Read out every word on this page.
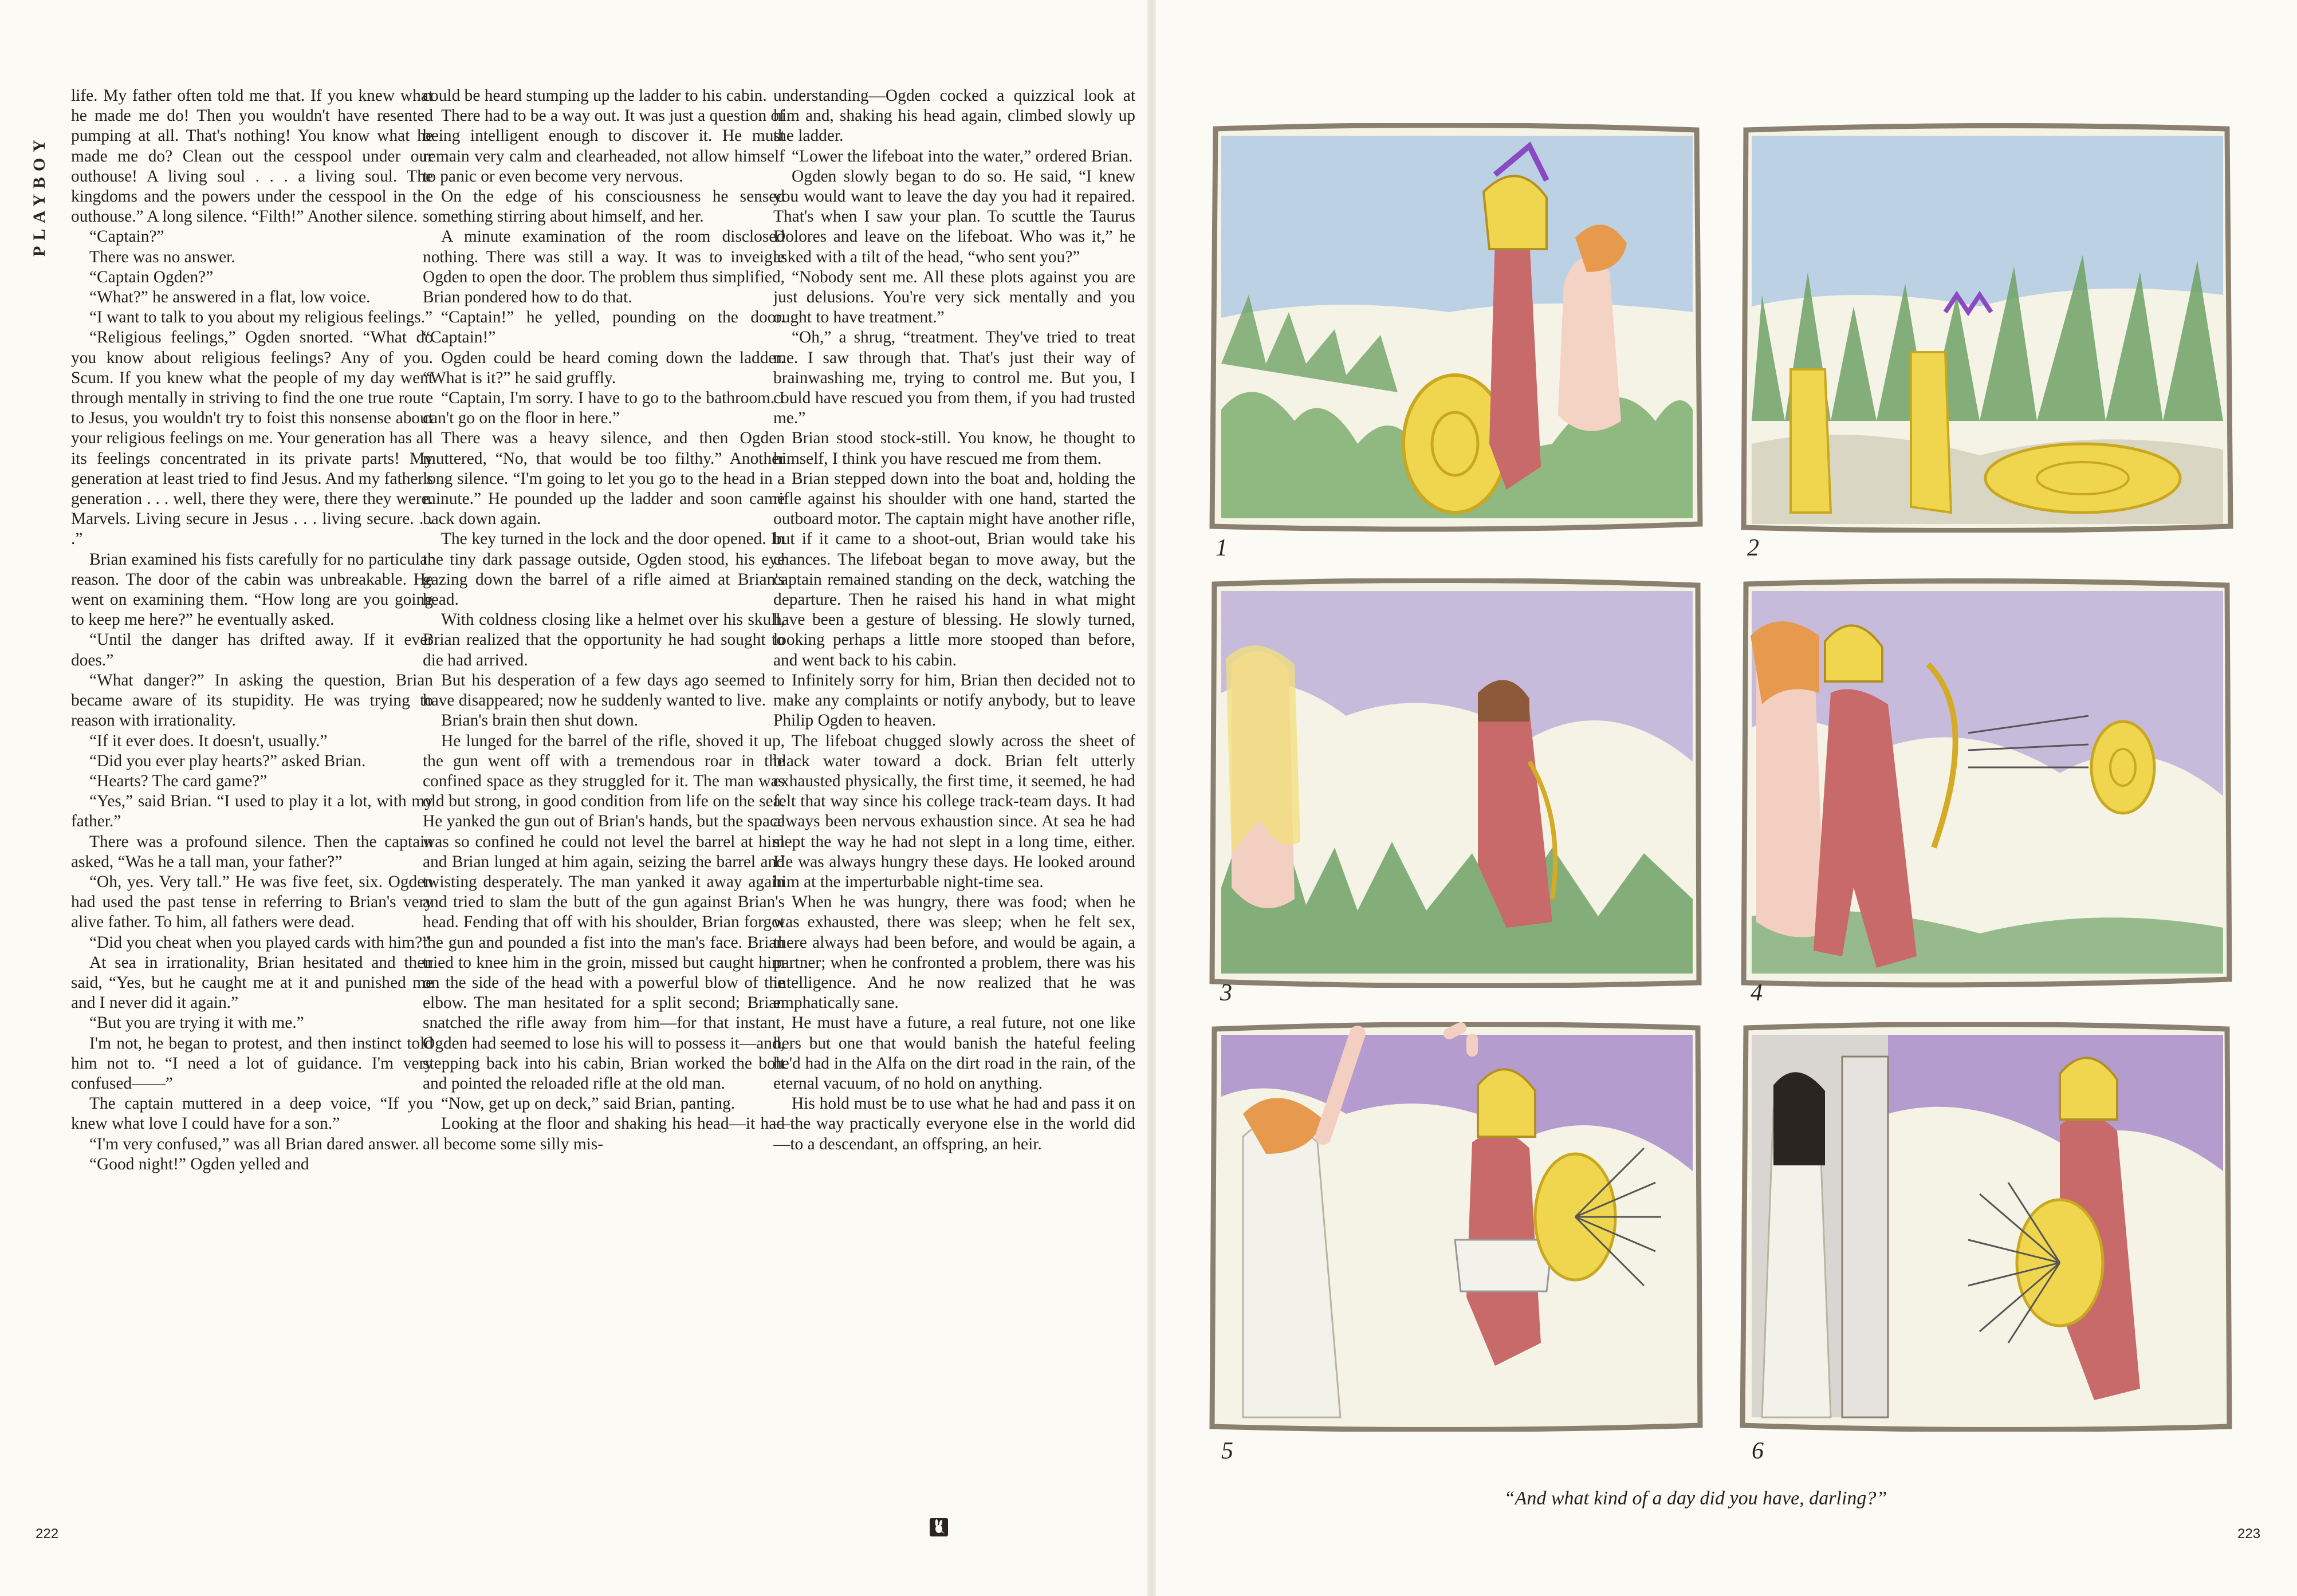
PLAYBOY

life. My father often told me that. If you knew what he made me do! Then you wouldn't have resented pumping at all. That's nothing! You know what he made me do? Clean out the cesspool under our outhouse! A living soul . . . a living soul. The kingdoms and the powers under the cesspool in the outhouse.” A long silence. “Filth!” Another silence.

“Captain?”

There was no answer.

“Captain Ogden?”

“What?” he answered in a flat, low voice.

“I want to talk to you about my religious feelings.”

“Religious feelings,” Ogden snorted. “What do you know about religious feelings? Any of you. Scum. If you knew what the people of my day went through mentally in striving to find the one true route to Jesus, you wouldn't try to foist this nonsense about your religious feelings on me. Your generation has all its feelings concentrated in its private parts! My generation at least tried to find Jesus. And my father's generation . . . well, there they were, there they were. Marvels. Living secure in Jesus . . . living secure. . . .”

Brian examined his fists carefully for no particular reason. The door of the cabin was unbreakable. He went on examining them. “How long are you going to keep me here?” he eventually asked.

“Until the danger has drifted away. If it ever does.”

“What danger?” In asking the question, Brian became aware of its stupidity. He was trying to reason with irrationality.

“If it ever does. It doesn't, usually.”

“Did you ever play hearts?” asked Brian.

“Hearts? The card game?”

“Yes,” said Brian. “I used to play it a lot, with my father.”

There was a profound silence. Then the captain asked, “Was he a tall man, your father?”

“Oh, yes. Very tall.” He was five feet, six. Ogden had used the past tense in referring to Brian's very alive father. To him, all fathers were dead.

“Did you cheat when you played cards with him?”

At sea in irrationality, Brian hesitated and then said, “Yes, but he caught me at it and punished me and I never did it again.”

“But you are trying it with me.”

I'm not, he began to protest, and then instinct told him not to. “I need a lot of guidance. I'm very confused——”

The captain muttered in a deep voice, “If you knew what love I could have for a son.”

“I'm very confused,” was all Brian dared answer.

“Good night!” Ogden yelled and

could be heard stumping up the ladder to his cabin.

There had to be a way out. It was just a question of being intelligent enough to discover it. He must remain very calm and clearheaded, not allow himself to panic or even become very nervous.

On the edge of his consciousness he sensed something stirring about himself, and her.

A minute examination of the room disclosed nothing. There was still a way. It was to inveigle Ogden to open the door. The problem thus simplified, Brian pondered how to do that.

“Captain!” he yelled, pounding on the door. “Captain!”

Ogden could be heard coming down the ladder. “What is it?” he said gruffly.

“Captain, I'm sorry. I have to go to the bathroom. I can't go on the floor in here.”

There was a heavy silence, and then Ogden muttered, “No, that would be too filthy.” Another long silence. “I'm going to let you go to the head in a minute.” He pounded up the ladder and soon came back down again.

The key turned in the lock and the door opened. In the tiny dark passage outside, Ogden stood, his eye gazing down the barrel of a rifle aimed at Brian's head.

With coldness closing like a helmet over his skull, Brian realized that the opportunity he had sought to die had arrived.

But his desperation of a few days ago seemed to have disappeared; now he suddenly wanted to live.

Brian's brain then shut down.

He lunged for the barrel of the rifle, shoved it up, the gun went off with a tremendous roar in the confined space as they struggled for it. The man was old but strong, in good condition from life on the sea. He yanked the gun out of Brian's hands, but the space was so confined he could not level the barrel at him and Brian lunged at him again, seizing the barrel and twisting desperately. The man yanked it away again and tried to slam the butt of the gun against Brian's head. Fending that off with his shoulder, Brian forgot the gun and pounded a fist into the man's face. Brian tried to knee him in the groin, missed but caught him on the side of the head with a powerful blow of the elbow. The man hesitated for a split second; Brian snatched the rifle away from him—for that instant, Ogden had seemed to lose his will to possess it—and, stepping back into his cabin, Brian worked the bolt and pointed the reloaded rifle at the old man.

“Now, get up on deck,” said Brian, panting.

Looking at the floor and shaking his head—it had all become some silly mis-

understanding—Ogden cocked a quizzical look at him and, shaking his head again, climbed slowly up the ladder.

“Lower the lifeboat into the water,” ordered Brian.

Ogden slowly began to do so. He said, “I knew you would want to leave the day you had it repaired. That's when I saw your plan. To scuttle the Taurus Dolores and leave on the lifeboat. Who was it,” he asked with a tilt of the head, “who sent you?”

“Nobody sent me. All these plots against you are just delusions. You're very sick mentally and you ought to have treatment.”

“Oh,” a shrug, “treatment. They've tried to treat me. I saw through that. That's just their way of brainwashing me, trying to control me. But you, I could have rescued you from them, if you had trusted me.”

Brian stood stock-still. You know, he thought to himself, I think you have rescued me from them.

Brian stepped down into the boat and, holding the rifle against his shoulder with one hand, started the outboard motor. The captain might have another rifle, but if it came to a shoot-out, Brian would take his chances. The lifeboat began to move away, but the captain remained standing on the deck, watching the departure. Then he raised his hand in what might have been a gesture of blessing. He slowly turned, looking perhaps a little more stooped than before, and went back to his cabin.

Infinitely sorry for him, Brian then decided not to make any complaints or notify anybody, but to leave Philip Ogden to heaven.

The lifeboat chugged slowly across the sheet of black water toward a dock. Brian felt utterly exhausted physically, the first time, it seemed, he had felt that way since his college track-team days. It had always been nervous exhaustion since. At sea he had slept the way he had not slept in a long time, either. He was always hungry these days. He looked around him at the imperturbable night-time sea.

When he was hungry, there was food; when he was exhausted, there was sleep; when he felt sex, there always had been before, and would be again, a partner; when he confronted a problem, there was his intelligence. And he now realized that he was emphatically sane.

He must have a future, a real future, not one like hers but one that would banish the hateful feeling he'd had in the Alfa on the dirt road in the rain, of the eternal vacuum, of no hold on anything.

His hold must be to use what he had and pass it on—the way practically everyone else in the world did—to a descendant, an offspring, an heir.

222
1	2
3	4
5	6
“And what kind of a day did you have, darling?”
223
